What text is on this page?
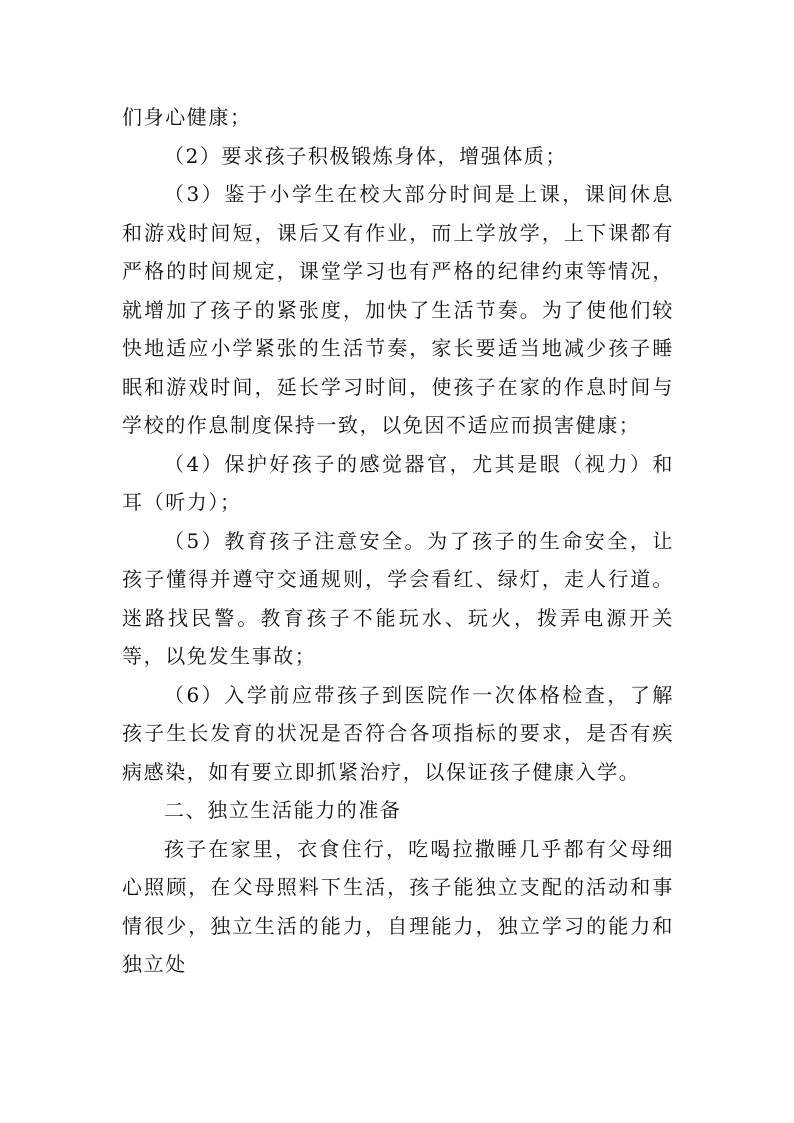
们身心健康；

（2）要求孩子积极锻炼身体，增强体质；

（3）鉴于小学生在校大部分时间是上课，课间休息和游戏时间短，课后又有作业，而上学放学，上下课都有严格的时间规定，课堂学习也有严格的纪律约束等情况，就增加了孩子的紧张度，加快了生活节奏。为了使他们较快地适应小学紧张的生活节奏，家长要适当地减少孩子睡眠和游戏时间，延长学习时间，使孩子在家的作息时间与学校的作息制度保持一致，以免因不适应而损害健康；

（4）保护好孩子的感觉器官，尤其是眼（视力）和耳（听力）；

（5）教育孩子注意安全。为了孩子的生命安全，让孩子懂得并遵守交通规则，学会看红、绿灯，走人行道。迷路找民警。教育孩子不能玩水、玩火，拨弄电源开关等，以免发生事故；

（6）入学前应带孩子到医院作一次体格检查，了解孩子生长发育的状况是否符合各项指标的要求，是否有疾病感染，如有要立即抓紧治疗，以保证孩子健康入学。

二、独立生活能力的准备

孩子在家里，衣食住行，吃喝拉撒睡几乎都有父母细心照顾，在父母照料下生活，孩子能独立支配的活动和事情很少，独立生活的能力，自理能力，独立学习的能力和独立处
